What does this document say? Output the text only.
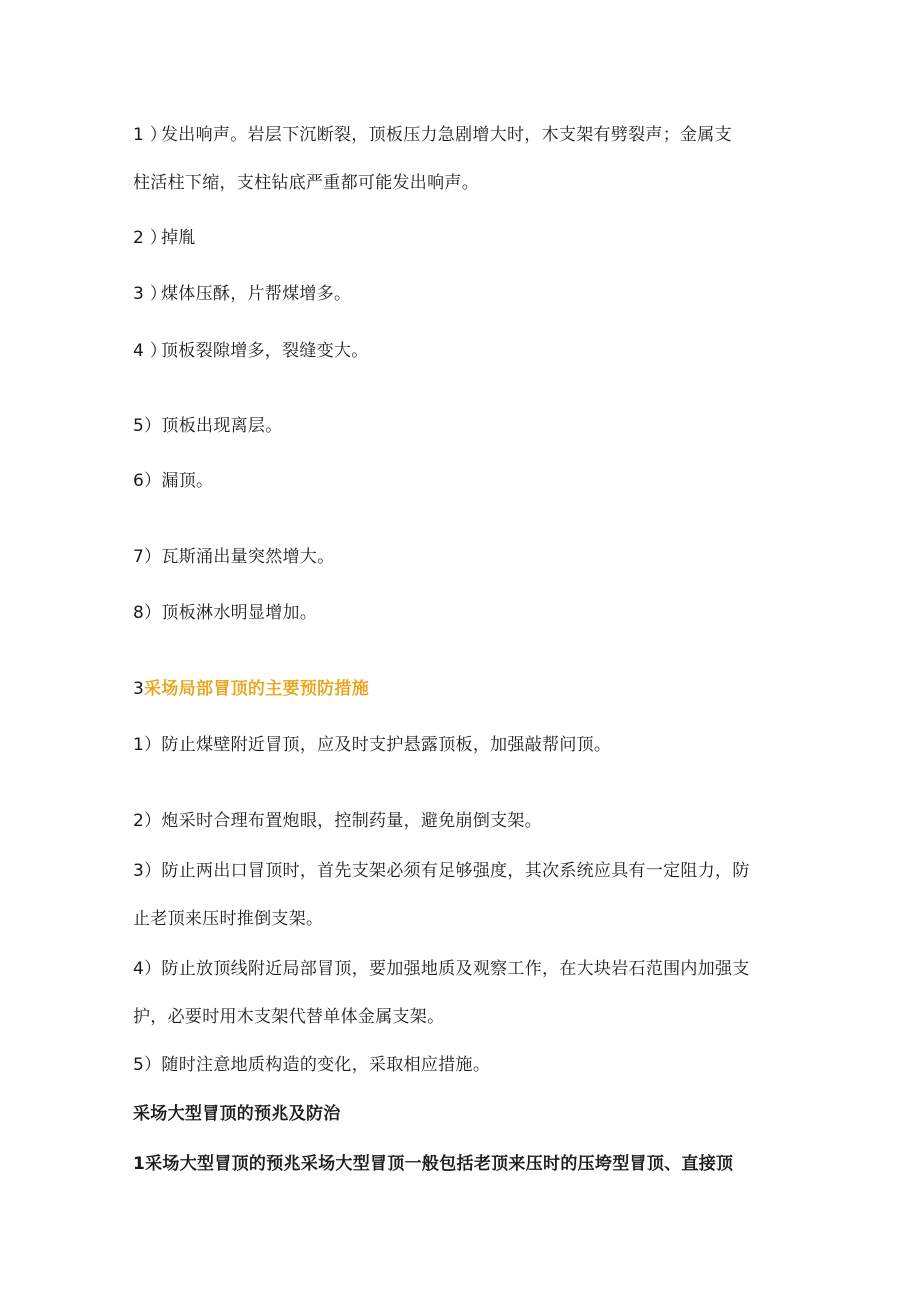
1 ）发出响声。岩层下沉断裂，顶板压力急剧增大时，木支架有劈裂声；金属支
柱活柱下缩，支柱钻底严重都可能发出响声。
2 ）掉胤
3 ）煤体压酥，片帮煤增多。
4 ）顶板裂隙增多，裂缝变大。
5）顶板出现离层。
6）漏顶。
7）瓦斯涌出量突然增大。
8）顶板淋水明显增加。
3采场局部冒顶的主要预防措施
1）防止煤壁附近冒顶，应及时支护悬露顶板，加强敲帮问顶。
2）炮采时合理布置炮眼，控制药量，避免崩倒支架。
3）防止两出口冒顶时，首先支架必须有足够强度，其次系统应具有一定阻力，防
止老顶来压时推倒支架。
4）防止放顶线附近局部冒顶，要加强地质及观察工作，在大块岩石范围内加强支
护，必要时用木支架代替单体金属支架。
5）随时注意地质构造的变化，采取相应措施。
采场大型冒顶的预兆及防治
1采场大型冒顶的预兆采场大型冒顶一般包括老顶来压时的压垮型冒顶、直接顶
